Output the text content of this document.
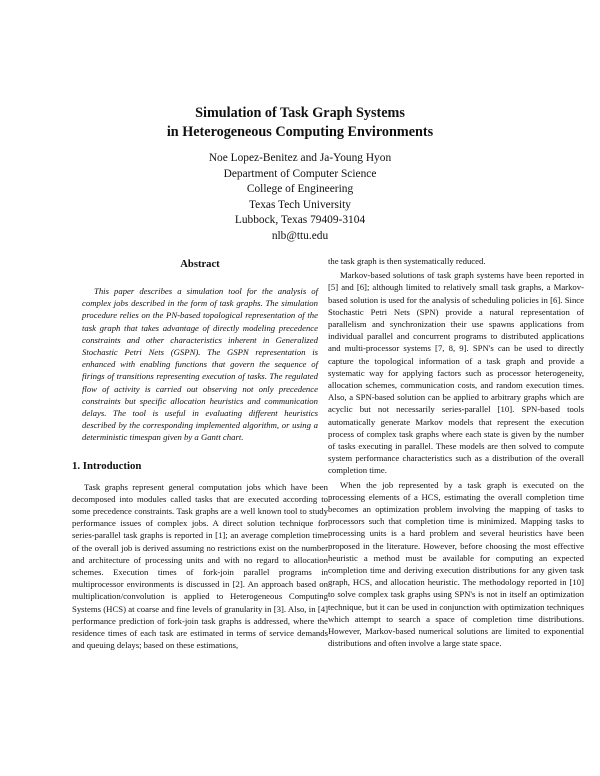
Simulation of Task Graph Systems
in Heterogeneous Computing Environments
Noe Lopez-Benitez and Ja-Young Hyon
Department of Computer Science
College of Engineering
Texas Tech University
Lubbock, Texas 79409-3104
nlb@ttu.edu
Abstract

This paper describes a simulation tool for the analysis of complex jobs described in the form of task graphs. The simulation procedure relies on the PN-based topological representation of the task graph that takes advantage of directly modeling precedence constraints and other characteristics inherent in Generalized Stochastic Petri Nets (GSPN). The GSPN representation is enhanced with enabling functions that govern the sequence of firings of transitions representing execution of tasks. The regulated flow of activity is carried out observing not only precedence constraints but specific allocation heuristics and communication delays. The tool is useful in evaluating different heuristics described by the corresponding implemented algorithm, or using a deterministic timespan given by a Gantt chart.

1. Introduction

Task graphs represent general computation jobs which have been decomposed into modules called tasks that are executed according to some precedence constraints. Task graphs are a well known tool to study performance issues of complex jobs. A direct solution technique for series-parallel task graphs is reported in [1]; an average completion time of the overall job is derived assuming no restrictions exist on the number and architecture of processing units and with no regard to allocation schemes. Execution times of fork-join parallel programs in multiprocessor environments is discussed in [2]. An approach based on multiplication/convolution is applied to Heterogeneous Computing Systems (HCS) at coarse and fine levels of granularity in [3]. Also, in [4] performance prediction of fork-join task graphs is addressed, where the residence times of each task are estimated in terms of service demands and queuing delays; based on these estimations,

the task graph is then systematically reduced.

Markov-based solutions of task graph systems have been reported in [5] and [6]; although limited to relatively small task graphs, a Markov-based solution is used for the analysis of scheduling policies in [6]. Since Stochastic Petri Nets (SPN) provide a natural representation of parallelism and synchronization their use spawns applications from individual parallel and concurrent programs to distributed applications and multi-processor systems [7, 8, 9]. SPN's can be used to directly capture the topological information of a task graph and provide a systematic way for applying factors such as processor heterogeneity, allocation schemes, communication costs, and random execution times. Also, a SPN-based solution can be applied to arbitrary graphs which are acyclic but not necessarily series-parallel [10]. SPN-based tools automatically generate Markov models that represent the execution process of complex task graphs where each state is given by the number of tasks executing in parallel. These models are then solved to compute system performance characteristics such as a distribution of the overall completion time.

When the job represented by a task graph is executed on the processing elements of a HCS, estimating the overall completion time becomes an optimization problem involving the mapping of tasks to processors such that completion time is minimized. Mapping tasks to processing units is a hard problem and several heuristics have been proposed in the literature. However, before choosing the most effective heuristic a method must be available for computing an expected completion time and deriving execution distributions for any given task graph, HCS, and allocation heuristic. The methodology reported in [10] to solve complex task graphs using SPN's is not in itself an optimization technique, but it can be used in conjunction with optimization techniques which attempt to search a space of completion time distributions. However, Markov-based numerical solutions are limited to exponential distributions and often involve a large state space.
